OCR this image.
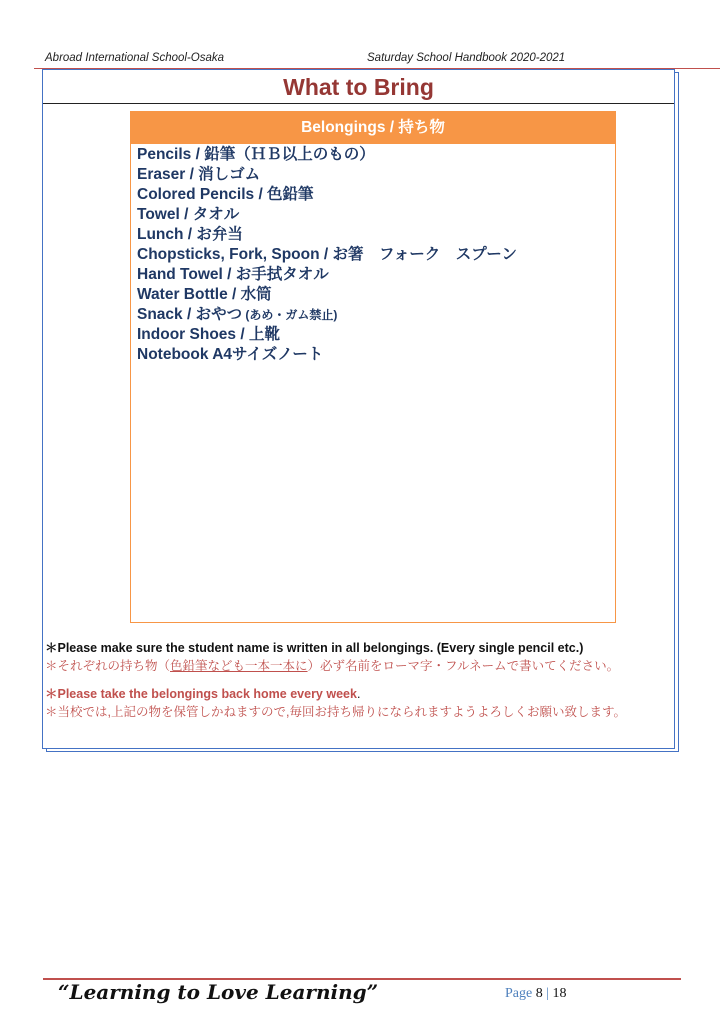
Abroad International School-Osaka	Saturday School Handbook 2020-2021
What to Bring
Belongings / 持ち物
Pencils / 鉛筆（ＨＢ以上のもの）
Eraser / 消しゴム
Colored Pencils / 色鉛筆
Towel / タオル
Lunch / お弁当
Chopsticks, Fork, Spoon / お箸　フォーク　スプーン
Hand Towel / お手拭タオル
Water Bottle / 水筒
Snack / おやつ (あめ・ガム禁止)
Indoor Shoes / 上靴
Notebook A4サイズノート
＊Please make sure the student name is written in all belongings. (Every single pencil etc.)
＊それぞれの持ち物（色鉛筆なども一本一本に）必ず名前をローマ字・フルネームで書いてください。
＊Please take the belongings back home every week.
＊当校では,上記の物を保管しかねますので,毎回お持ち帰りになられますようよろしくお願い致します。
“Learning to Love Learning”	Page 8 | 18
